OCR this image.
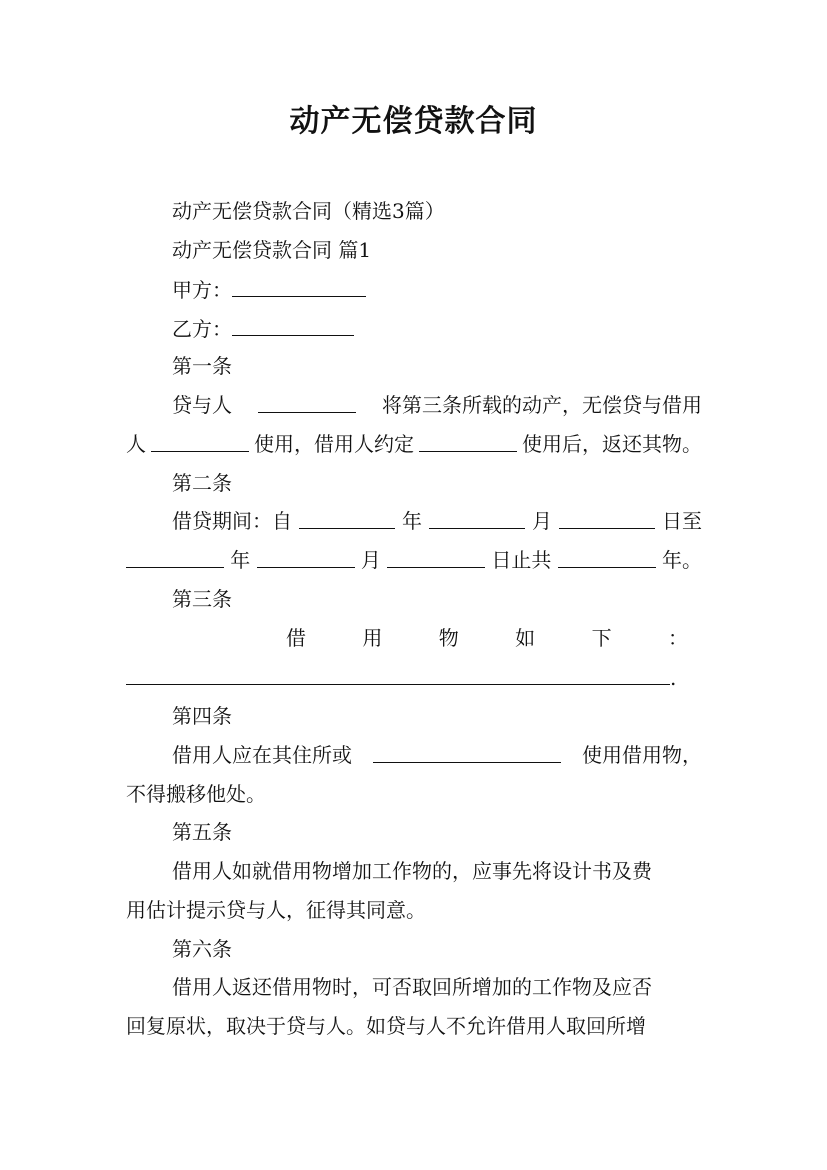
动产无偿贷款合同
动产无偿贷款合同（精选3篇）
动产无偿贷款合同 篇1
甲方：
乙方：
第一条
贷与人	将第三条所载的动产，无偿贷与借用
人	使用，借用人约定	使用后，返还其物。
第二条
借贷期间：自	年	月	日至
年	月	日止共	年。
第三条
借	用	物	如	下	：
.
第四条
借用人应在其住所或	使用借用物，
不得搬移他处。
第五条
借用人如就借用物增加工作物的，应事先将设计书及费
用估计提示贷与人，征得其同意。
第六条
借用人返还借用物时，可否取回所增加的工作物及应否
回复原状，取决于贷与人。如贷与人不允许借用人取回所增
